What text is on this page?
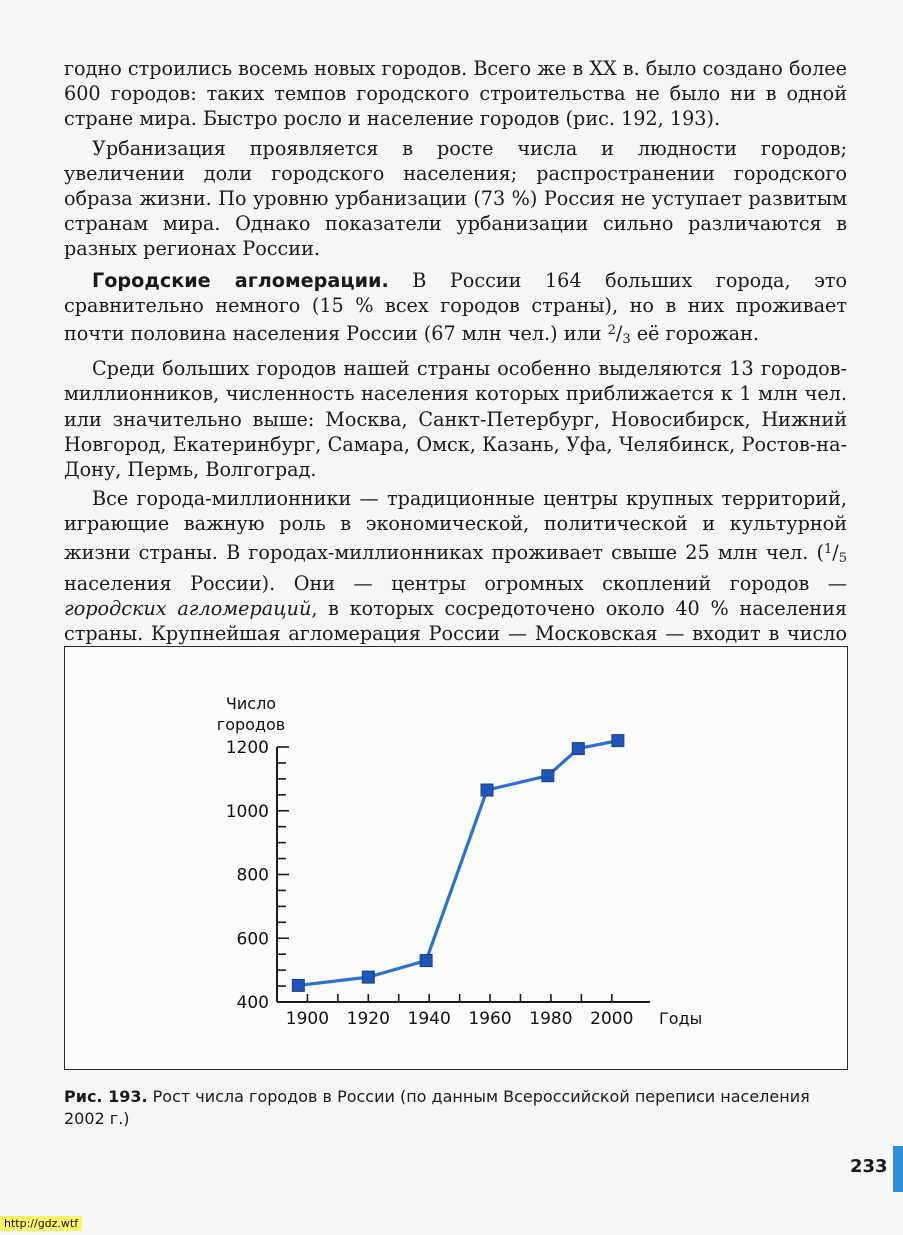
годно строились восемь новых городов. Всего же в XX в. было создано более 600 городов: таких темпов городского строительства не было ни в одной стране мира. Быстро росло и население городов (рис. 192, 193).

Урбанизация проявляется в росте числа и людности городов; увеличении доли городского населения; распространении городского образа жизни. По уровню урбанизации (73 %) Россия не уступает развитым странам мира. Однако показатели урбанизации сильно различаются в разных регионах России.

Городские агломерации. В России 164 больших города, это сравнительно немного (15 % всех городов страны), но в них проживает почти половина населения России (67 млн чел.) или $^2/_3$ её горожан.

Среди больших городов нашей страны особенно выделяются 13 городов-миллионников, численность населения которых приближается к 1 млн чел. или значительно выше: Москва, Санкт-Петербург, Новосибирск, Нижний Новгород, Екатеринбург, Самара, Омск, Казань, Уфа, Челябинск, Ростов-на-Дону, Пермь, Волгоград.

Все города-миллионники — традиционные центры крупных территорий, играющие важную роль в экономической, политической и культурной жизни страны. В городах-миллионниках проживает свыше 25 млн чел. ($^1/_5$ населения России). Они — центры огромных скоплений городов — городских агломераций, в которых сосредоточено около 40 % населения страны. Крупнейшая агломерация России — Московская — входит в число

400
600
800
1000
1200
1900 1920 1940 1960 1980 2000
Число
городов
Годы
Рис. 193. Рост числа городов в России (по данным Всероссийской переписи населения 2002 г.)
233
http://gdz.wtf
